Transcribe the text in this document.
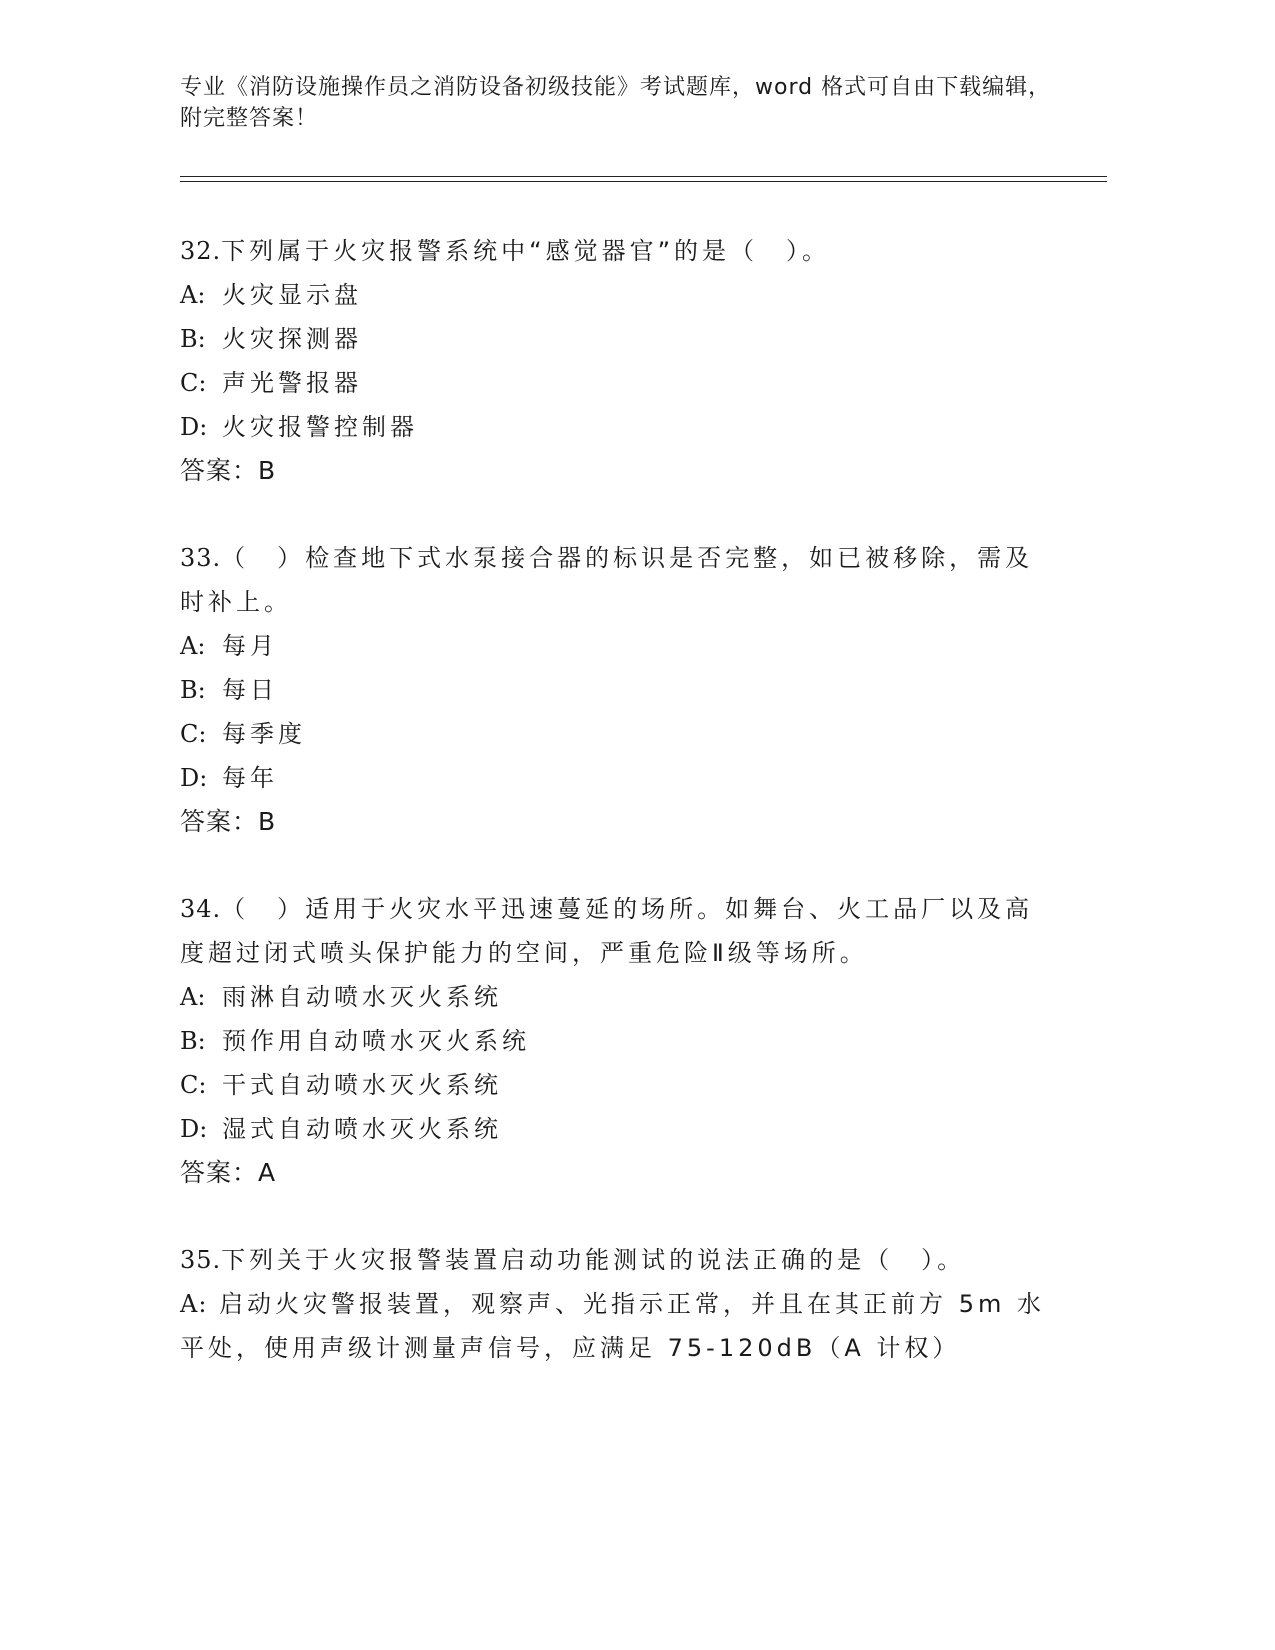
专业《消防设施操作员之消防设备初级技能》考试题库，word 格式可自由下载编辑，附完整答案！

32.下列属于火灾报警系统中“感觉器官”的是（　）。

A: 火灾显示盘

B: 火灾探测器

C: 声光警报器

D: 火灾报警控制器

答案：B

33.（　）检查地下式水泵接合器的标识是否完整，如已被移除，需及时补上。

A: 每月

B: 每日

C: 每季度

D: 每年

答案：B

34.（　）适用于火灾水平迅速蔓延的场所。如舞台、火工品厂以及高度超过闭式喷头保护能力的空间，严重危险Ⅱ级等场所。

A: 雨淋自动喷水灭火系统

B: 预作用自动喷水灭火系统

C: 干式自动喷水灭火系统

D: 湿式自动喷水灭火系统

答案：A

35.下列关于火灾报警装置启动功能测试的说法正确的是（　）。

A: 启动火灾警报装置，观察声、光指示正常，并且在其正前方 5m 水平处，使用声级计测量声信号，应满足 75-120dB（A 计权）
